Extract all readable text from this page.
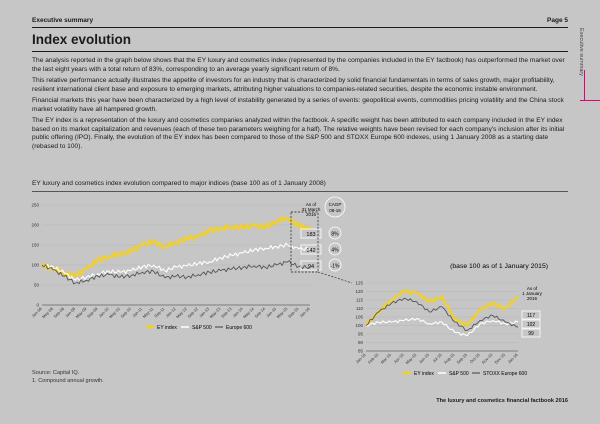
Executive summary	Page 5
Index evolution	Executive summary

The analysis reported in the graph below shows that the EY luxury and cosmetics index (represented by the companies included in the EY factbook) has outperformed the market over the last eight years with a total return of 83%, corresponding to an average yearly significant return of 8%.

This relative performance actually illustrates the appetite of investors for an industry that is characterized by solid financial fundamentals in terms of sales growth, major profitability, resilient international client base and exposure to emerging markets, attributing higher valuations to companies-related securities, despite the economic instable environment.

Financial markets this year have been characterized by a high level of instability generated by a series of events: geopolitical events, commodities pricing volatility and the China stock market volatility have all hampered growth.

The EY index is a representation of the luxury and cosmetics companies analyzed within the factbook. A specific weight has been attributed to each company included in the EY index based on its market capitalization and revenues (each of these two parameters weighing for a half). The relative weights have been revised for each company's inclusion after its initial public offering (IPO). Finally, the evolution of the EY index has been compared to those of the S&P 500 and STOXX Europe 600 indexes, using 1 January 2008 as a starting date (rebased to 100).

EY luxury and cosmetics index evolution compared to major indices (base 100 as of 1 January 2008)
0
50
100
150
200
250
Jan-08
May-08
Sep-08
Jan-09
May-09
Sep-09
Jan-10
May-10
Sep-10 Jan-11
May-11
Sep-11
Jan-12
May-12
Sep-12
Jan-13
May-13
Sep-13
Jan-14
May-14
Sep-14
Jan-15
May-15
Sep-15
Jan-16
85
90
95
100
105
110
115
120
125
Jan-15 Feb-15 Mar-15 Apr-15 May-15 Jun-15 Jul-15 Aug-15 Sep-15 Oct-15 Nov-15 Dec-15 Jan-16
As of
31 March
2016
CAGP
08-16
183	8%
142	4%
94	-1%	(base 100 as of 1 January 2015)
As of
1 January
2016
117
102
99
EY index	S&P 500	Europe 600
EY index	S&P 500	STOXX Europe 600
Source: Capital IQ.
1. Compound annual growth.
The luxury and cosmetics financial factbook 2016
